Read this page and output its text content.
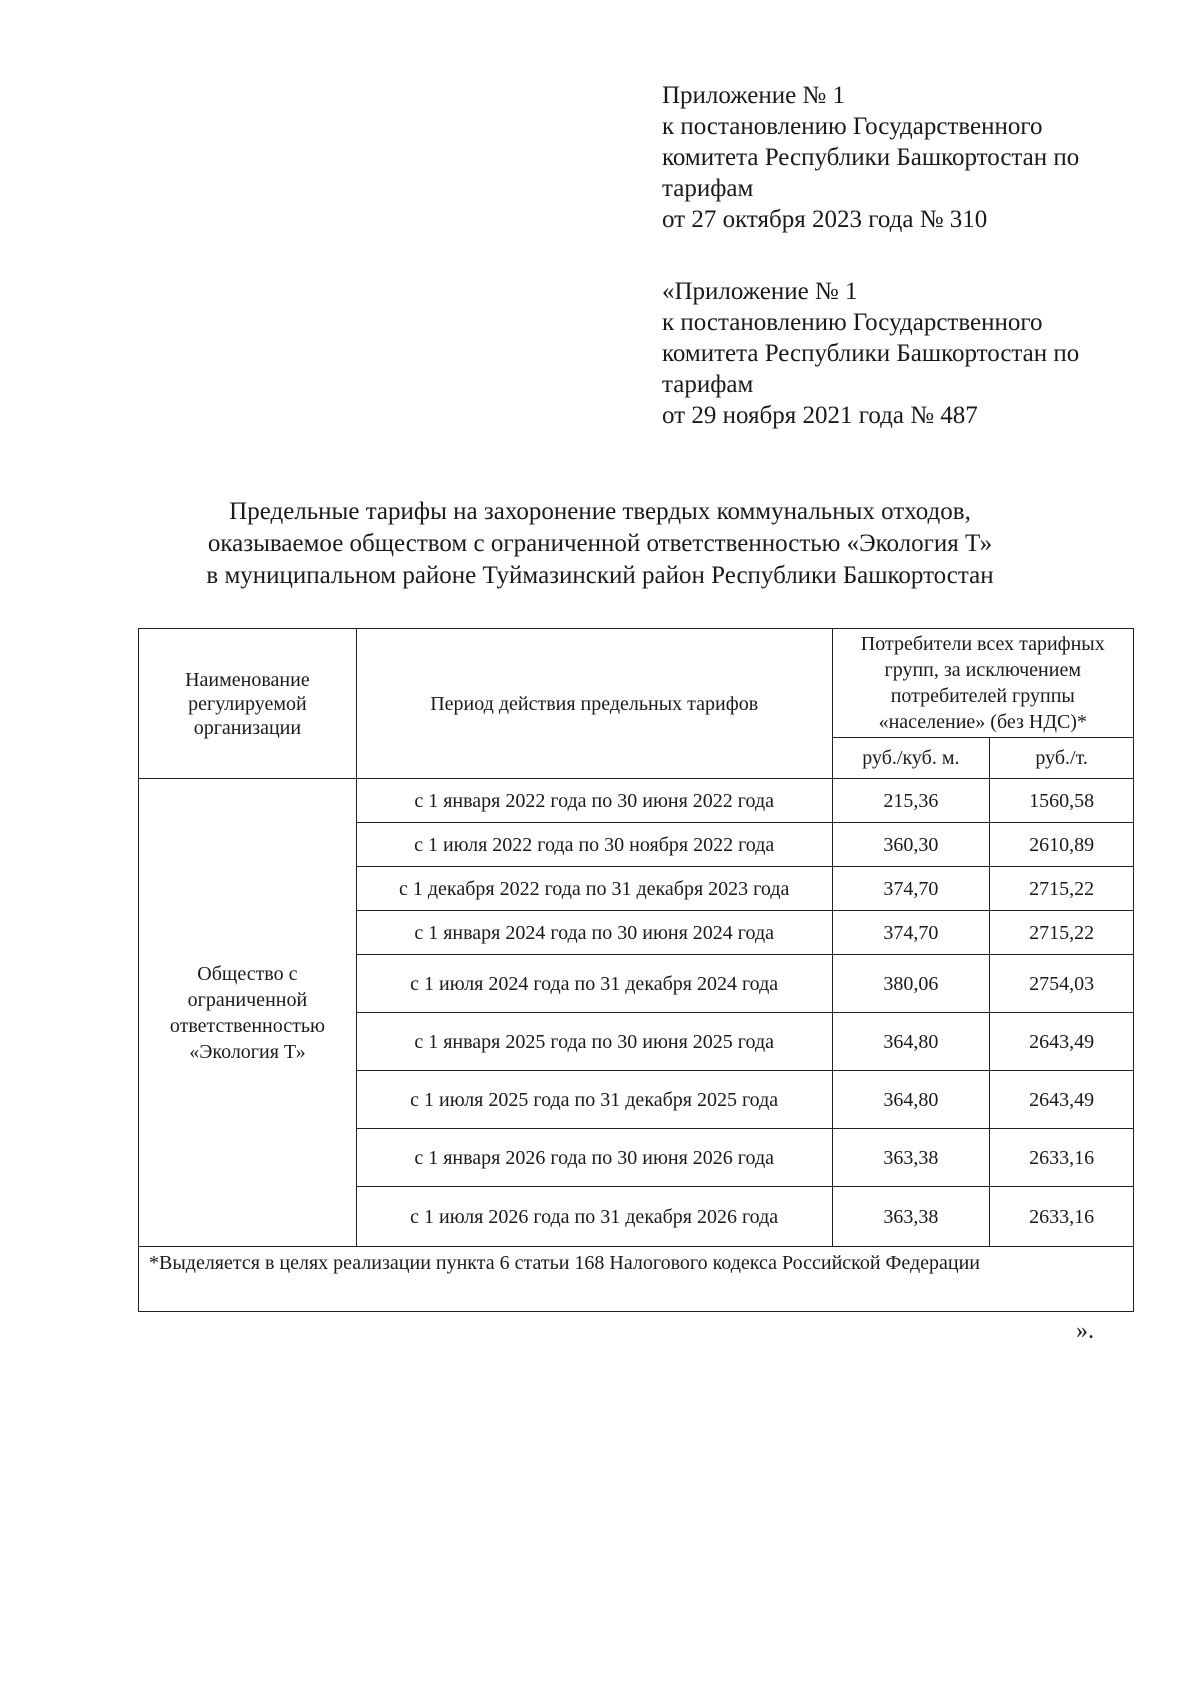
Приложение № 1
к постановлению Государственного
комитета Республики Башкортостан по
тарифам
от 27 октября 2023 года № 310
«Приложение № 1
к постановлению Государственного
комитета Республики Башкортостан по
тарифам
от 29 ноября 2021 года № 487
Предельные тарифы на захоронение твердых коммунальных отходов,
оказываемое обществом с ограниченной ответственностью «Экология Т»
в муниципальном районе Туймазинский район Республики Башкортостан
Наименование регулируемой организации	Период действия предельных тарифов	Потребители всех тарифных групп, за исключением потребителей группы «население» (без НДС)*	
		руб./куб. м.	руб./т.
Общество с ограниченной ответственностью «Экология Т»	с 1 января 2022 года по 30 июня 2022 года	215,36	1560,58
	с 1 июля 2022 года по 30 ноября 2022 года	360,30	2610,89
	с 1 декабря 2022 года по 31 декабря 2023 года	374,70	2715,22
	с 1 января 2024 года по 30 июня 2024 года	374,70	2715,22
	с 1 июля 2024 года по 31 декабря 2024 года	380,06	2754,03
	с 1 января 2025 года по 30 июня 2025 года	364,80	2643,49
	с 1 июля 2025 года по 31 декабря 2025 года	364,80	2643,49
	с 1 января 2026 года по 30 июня 2026 года	363,38	2633,16
	с 1 июля 2026 года по 31 декабря 2026 года	363,38	2633,16
*Выделяется в целях реализации пункта 6 статьи 168 Налогового кодекса Российской Федерации			
».
